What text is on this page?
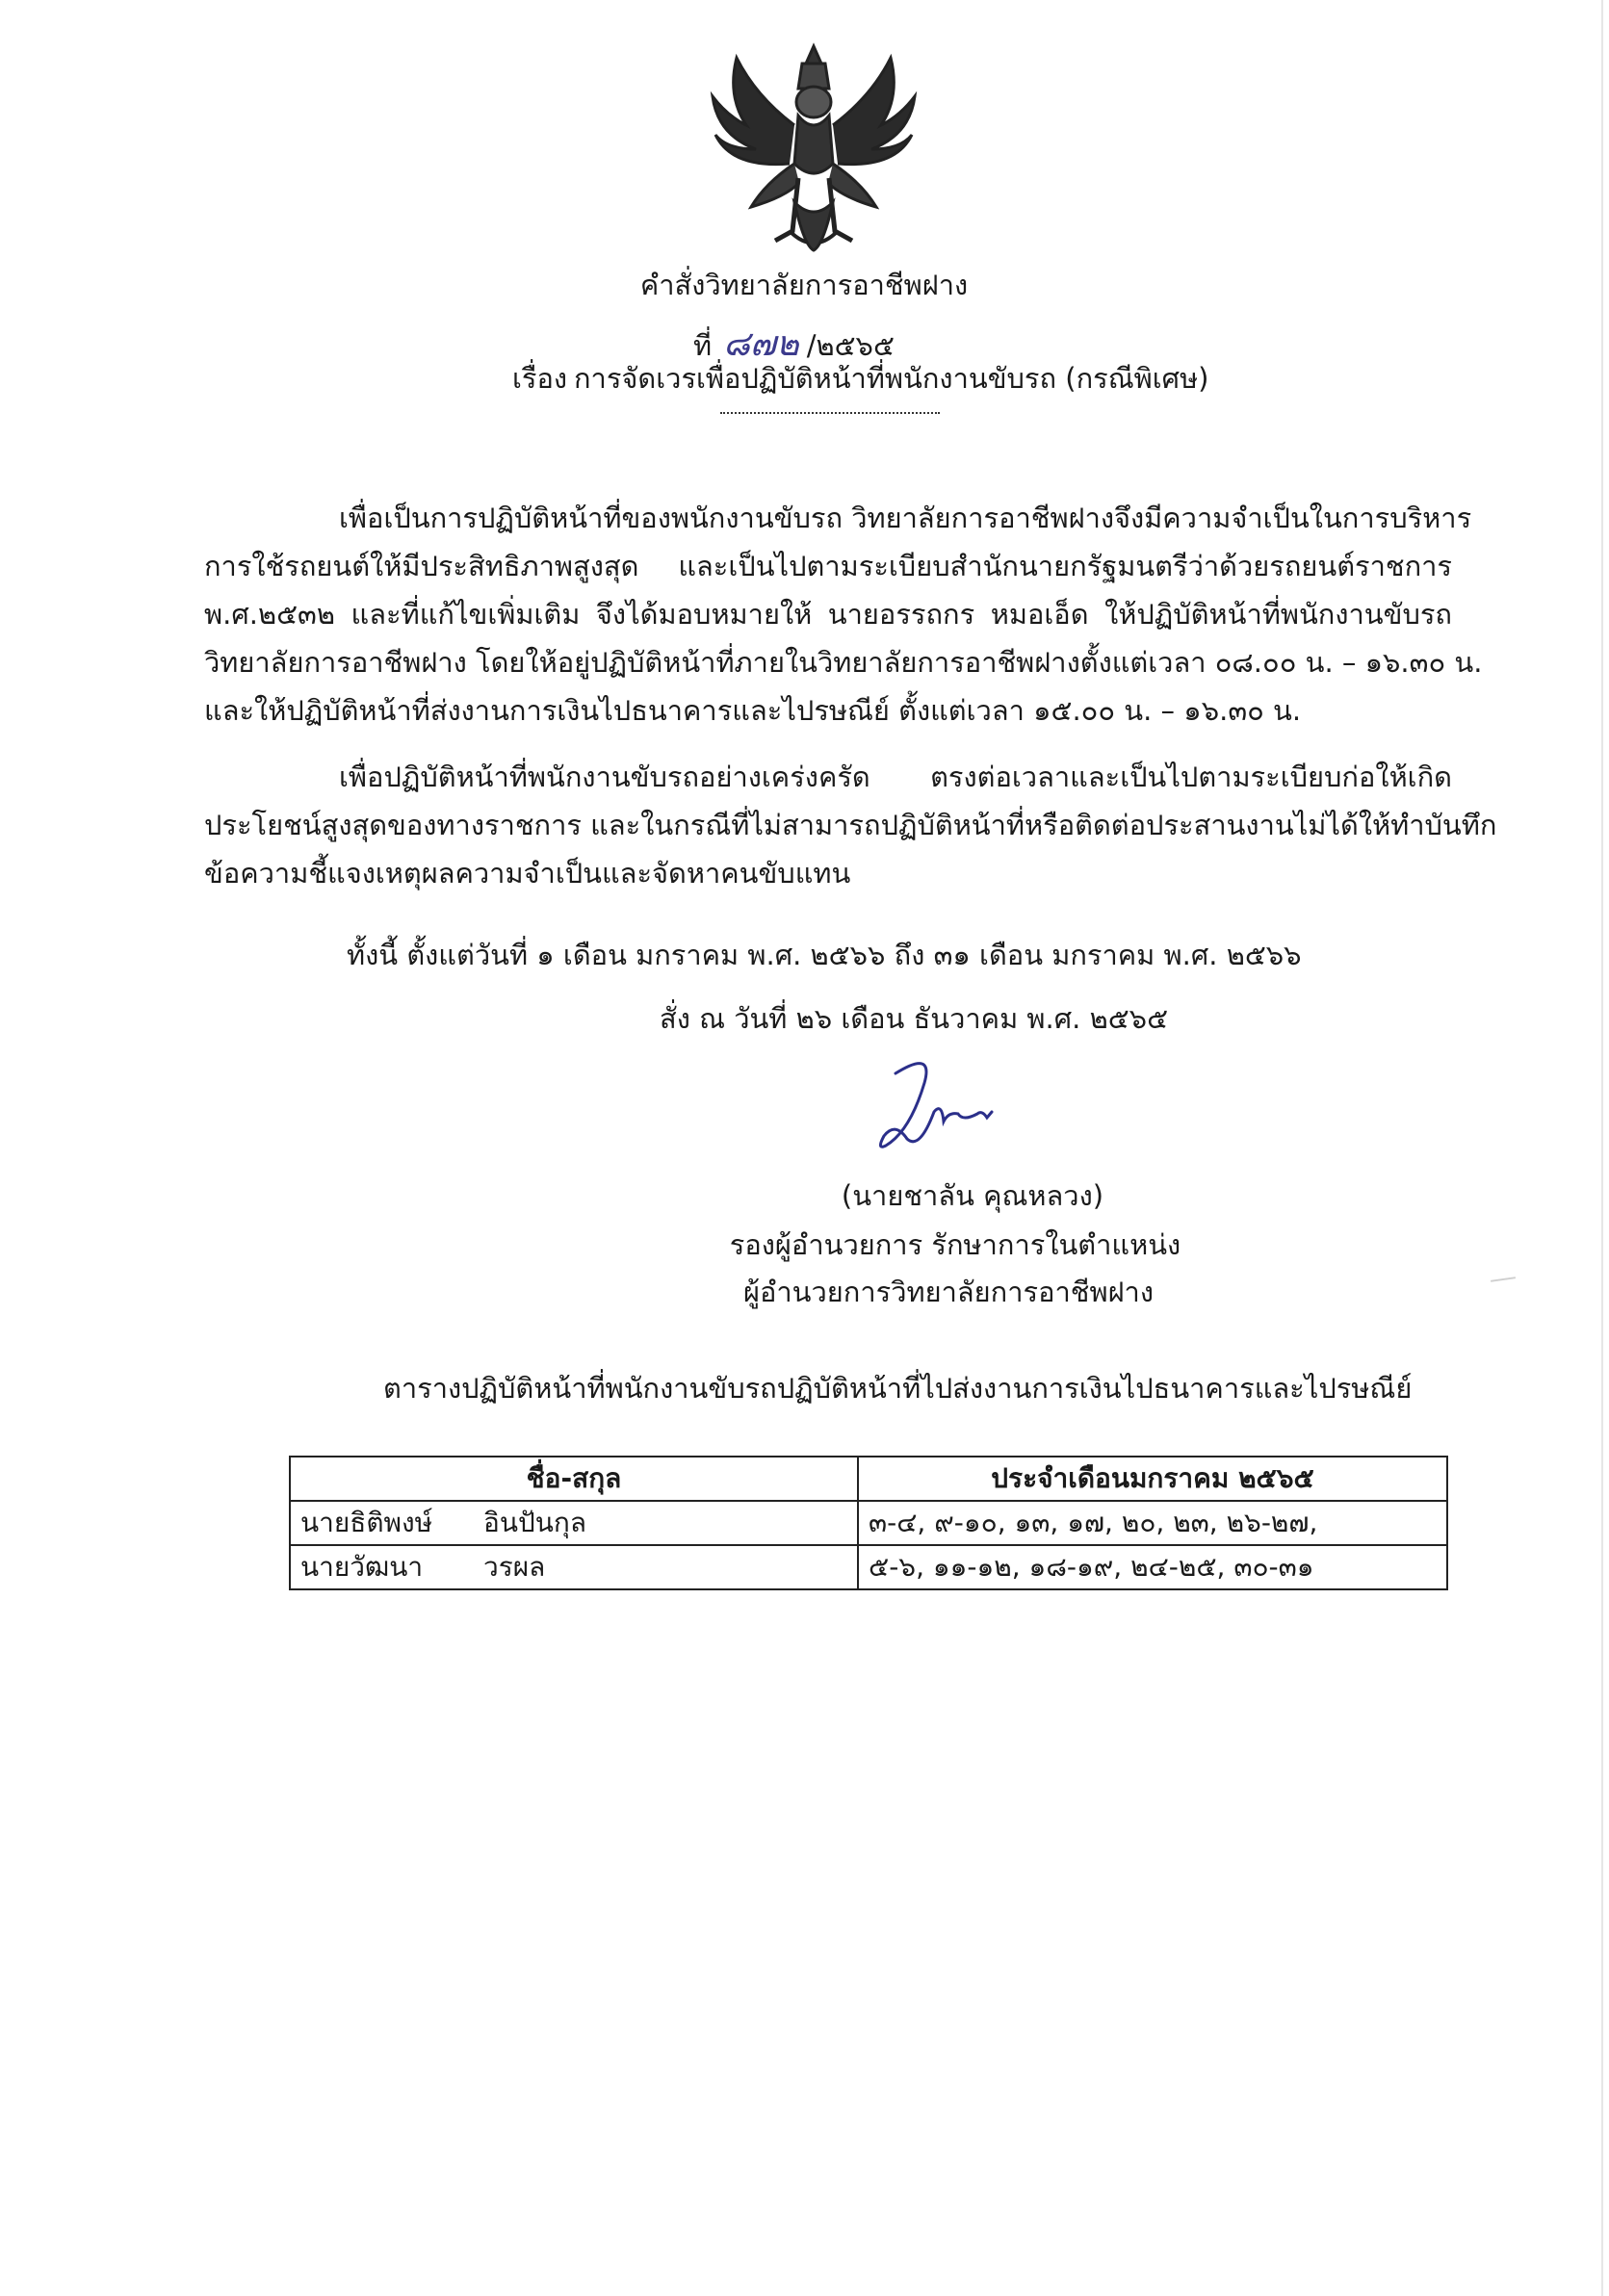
คำสั่งวิทยาลัยการอาชีพฝาง
ที่ ๘๗๒ /๒๕๖๕
เรื่อง การจัดเวรเพื่อปฏิบัติหน้าที่พนักงานขับรถ (กรณีพิเศษ)
เพื่อเป็นการปฏิบัติหน้าที่ของพนักงานขับรถ วิทยาลัยการอาชีพฝางจึงมีความจำเป็นในการบริหาร
การใช้รถยนต์ให้มีประสิทธิภาพสูงสุด และเป็นไปตามระเบียบสำนักนายกรัฐมนตรีว่าด้วยรถยนต์ราชการ
พ.ศ.๒๕๓๒ และที่แก้ไขเพิ่มเติม จึงได้มอบหมายให้ นายอรรถกร หมอเอ็ด ให้ปฏิบัติหน้าที่พนักงานขับรถ
วิทยาลัยการอาชีพฝาง โดยให้อยู่ปฏิบัติหน้าที่ภายในวิทยาลัยการอาชีพฝางตั้งแต่เวลา ๐๘.๐๐ น. – ๑๖.๓๐ น.
และให้ปฏิบัติหน้าที่ส่งงานการเงินไปธนาคารและไปรษณีย์ ตั้งแต่เวลา ๑๕.๐๐ น. – ๑๖.๓๐ น.
เพื่อปฏิบัติหน้าที่พนักงานขับรถอย่างเคร่งครัด ตรงต่อเวลาและเป็นไปตามระเบียบก่อให้เกิด
ประโยชน์สูงสุดของทางราชการ และในกรณีที่ไม่สามารถปฏิบัติหน้าที่หรือติดต่อประสานงานไม่ได้ให้ทำบันทึก
ข้อความชี้แจงเหตุผลความจำเป็นและจัดหาคนขับแทน
ทั้งนี้ ตั้งแต่วันที่ ๑ เดือน มกราคม พ.ศ. ๒๕๖๖ ถึง ๓๑ เดือน มกราคม พ.ศ. ๒๕๖๖
สั่ง ณ วันที่ ๒๖ เดือน ธันวาคม พ.ศ. ๒๕๖๕
(นายชาลัน คุณหลวง)
รองผู้อำนวยการ รักษาการในตำแหน่ง
ผู้อำนวยการวิทยาลัยการอาชีพฝาง
ตารางปฏิบัติหน้าที่พนักงานขับรถปฏิบัติหน้าที่ไปส่งงานการเงินไปธนาคารและไปรษณีย์
ชื่อ-สกุล	ประจำเดือนมกราคม ๒๕๖๕
นายธิติพงษ์ อินปันกุล	๓-๔, ๙-๑๐, ๑๓, ๑๗, ๒๐, ๒๓, ๒๖-๒๗,
นายวัฒนา วรผล	๕-๖, ๑๑-๑๒, ๑๘-๑๙, ๒๔-๒๕, ๓๐-๓๑
